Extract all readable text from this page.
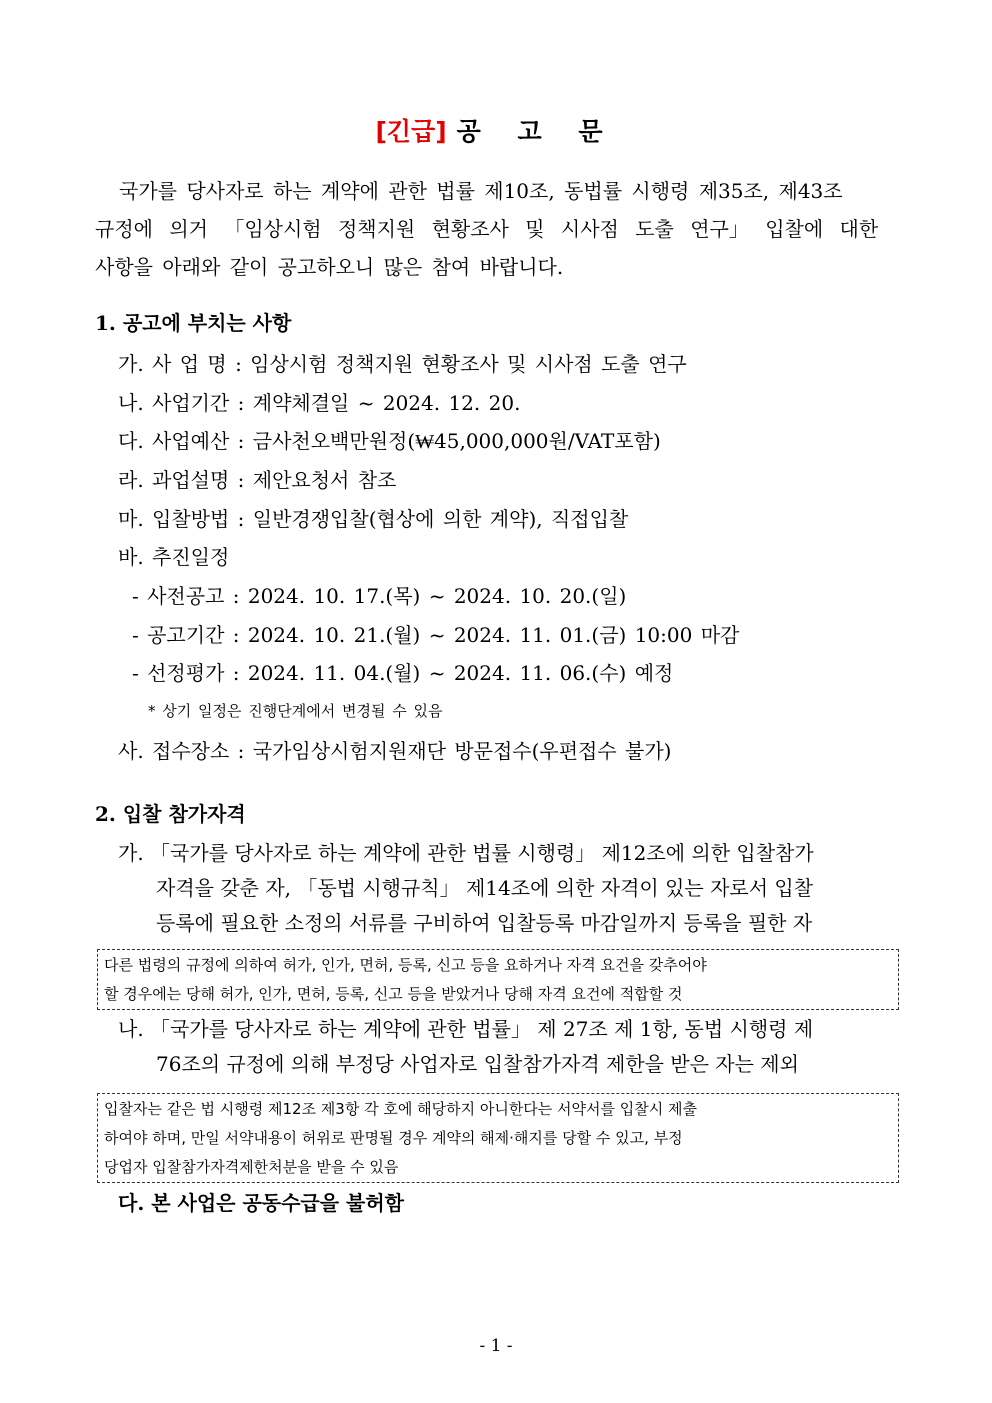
[긴급] 공 고 문
국가를 당사자로 하는 계약에 관한 법률 제10조, 동법률 시행령 제35조, 제43조
규정에 의거 「임상시험 정책지원 현황조사 및 시사점 도출 연구」 입찰에 대한
사항을 아래와 같이 공고하오니 많은 참여 바랍니다.
1. 공고에 부치는 사항
가. 사 업 명 : 임상시험 정책지원 현황조사 및 시사점 도출 연구
나. 사업기간 : 계약체결일 ~ 2024. 12. 20.
다. 사업예산 : 금사천오백만원정(₩45,000,000원/VAT포함)
라. 과업설명 : 제안요청서 참조
마. 입찰방법 : 일반경쟁입찰(협상에 의한 계약), 직접입찰
바. 추진일정
- 사전공고 : 2024. 10. 17.(목) ~ 2024. 10. 20.(일)
- 공고기간 : 2024. 10. 21.(월) ~ 2024. 11. 01.(금) 10:00 마감
- 선정평가 : 2024. 11. 04.(월) ~ 2024. 11. 06.(수) 예정
* 상기 일정은 진행단계에서 변경될 수 있음
사. 접수장소 : 국가임상시험지원재단 방문접수(우편접수 불가)
2. 입찰 참가자격
가. 「국가를 당사자로 하는 계약에 관한 법률 시행령」 제12조에 의한 입찰참가
자격을 갖춘 자, 「동법 시행규칙」 제14조에 의한 자격이 있는 자로서 입찰
등록에 필요한 소정의 서류를 구비하여 입찰등록 마감일까지 등록을 필한 자
다른 법령의 규정에 의하여 허가, 인가, 면허, 등록, 신고 등을 요하거나 자격 요건을 갖추어야
할 경우에는 당해 허가, 인가, 면허, 등록, 신고 등을 받았거나 당해 자격 요건에 적합할 것
나. 「국가를 당사자로 하는 계약에 관한 법률」 제 27조 제 1항, 동법 시행령 제
76조의 규정에 의해 부정당 사업자로 입찰참가자격 제한을 받은 자는 제외
입찰자는 같은 법 시행령 제12조 제3항 각 호에 해당하지 아니한다는 서약서를 입찰시 제출
하여야 하며, 만일 서약내용이 허위로 판명될 경우 계약의 해제·해지를 당할 수 있고, 부정
당업자 입찰참가자격제한처분을 받을 수 있음
다. 본 사업은 공동수급을 불허함
- 1 -
